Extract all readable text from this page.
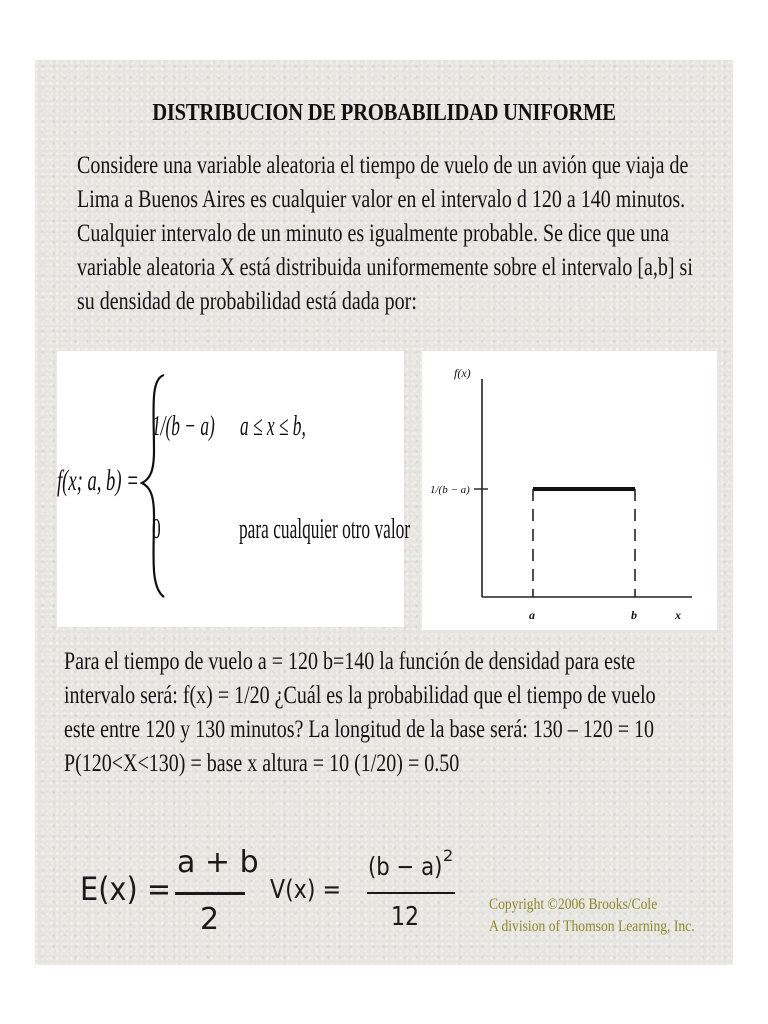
DISTRIBUCION DE PROBABILIDAD UNIFORME
Considere una variable aleatoria el tiempo de vuelo de un avión que viaja de
Lima a Buenos Aires es cualquier valor en el intervalo d 120 a 140 minutos.
Cualquier intervalo de un minuto es igualmente probable. Se dice que una
variable aleatoria X está distribuida uniformemente sobre el intervalo [a,b] si
su densidad de probabilidad está dada por:
f(x; a, b) =
1/(b − a) a ≤ x ≤ b,
0	para cualquier otro valor
f(x)
1/(b − a)
a	b	x
Para el tiempo de vuelo a = 120 b=140 la función de densidad para este
intervalo será: f(x) = 1/20 ¿Cuál es la probabilidad que el tiempo de vuelo
este entre 120 y 130 minutos? La longitud de la base será: 130 – 120 = 10
P(120<X<130) = base x altura = 10 (1/20) = 0.50
E(x) =
a + b
2
V(x) =
(b − a) 2
12	Copyright ©2006 Brooks/Cole
A division of Thomson Learning, Inc.
